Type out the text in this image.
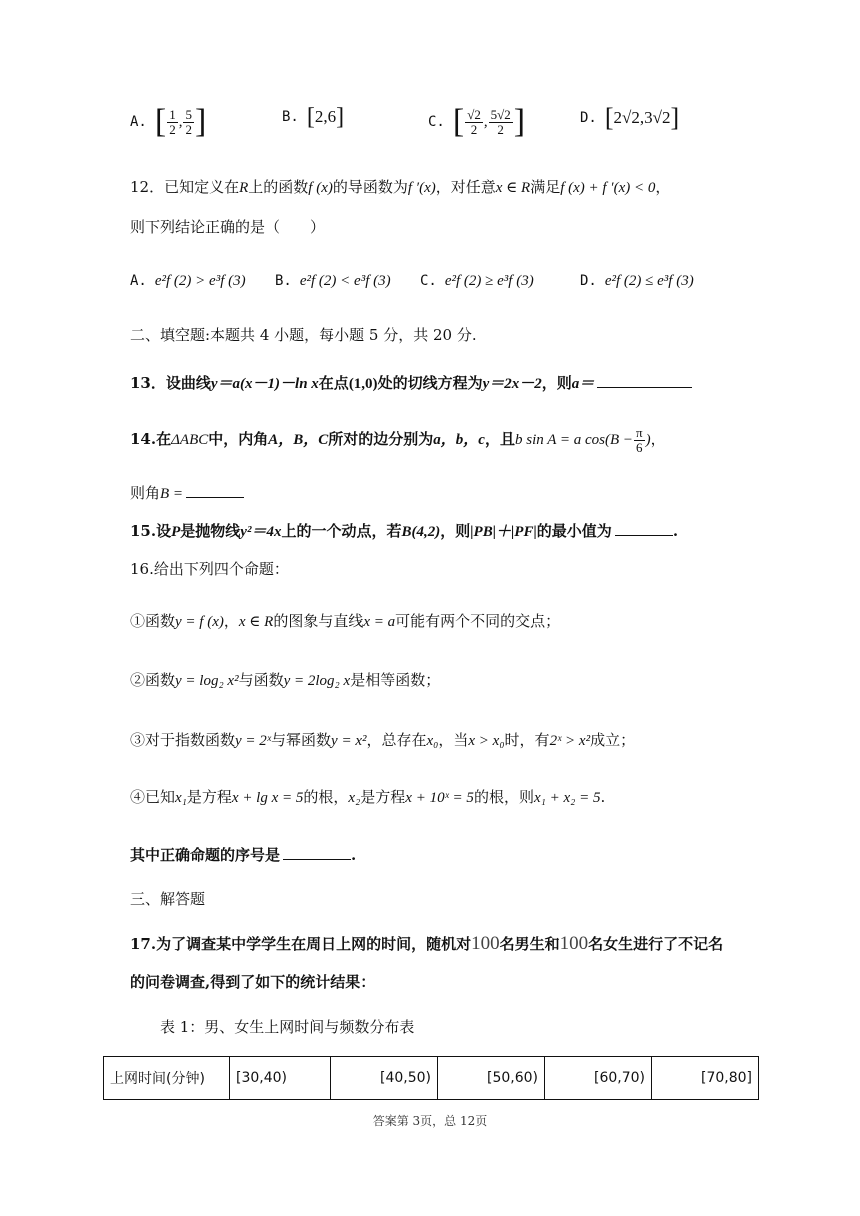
A. [ $\frac{1}{2}$ , $\frac{5}{2}$ ]	B. [ 2,6 ]	C. [ $\frac{√2}{2}$ , $\frac{5√2}{2}$ ]	D. [ 2√2,3√2 ]
12．已知定义在R上的函数f (x)的导函数为f ′(x)，对任意x ∈ R满足f (x) + f ′(x) < 0，
则下列结论正确的是（　　）
A. e²f (2) > e³f (3) B. e²f (2) < e³f (3) C. e²f (2) ≥ e³f (3)	D. e²f (2) ≤ e³f (3)
二、填空题:本题共 4 小题，每小题 5 分，共 20 分.
13．设曲线y＝a(x－1)－ln x在点(1,0)处的切线方程为y＝2x－2，则a＝
14.在ΔABC中，内角A，B，C所对的边分别为a，b，c，且b sin A = a $\cos(B - \frac{\pi}{6}$ )，
则角B =
15.设P是抛物线y²＝4x上的一个动点，若B(4,2)，则|PB|＋|PF|的最小值为	.
16.给出下列四个命题：
①函数y = f (x)，x ∈ R的图象与直线x = a可能有两个不同的交点；
②函数y = log₂ x²与函数y = 2log₂ x是相等函数；
③对于指数函数y = 2ˣ与幂函数y = x²，总存在x₀，当x > x₀时，有2ˣ > x²成立；
④已知x₁是方程x + lg x = 5的根，x₂是方程x + 10ˣ = 5的根，则x₁ + x₂ = 5.
其中正确命题的序号是	.
三、解答题
17.为了调查某中学学生在周日上网的时间，随机对100名男生和100名女生进行了不记名
的问卷调查,得到了如下的统计结果：
表 1：男、女生上网时间与频数分布表
上网时间(分钟)	[30,40)	[40,50)	[50,60)	[60,70)	[70,80]
答案第 3页，总 12页
